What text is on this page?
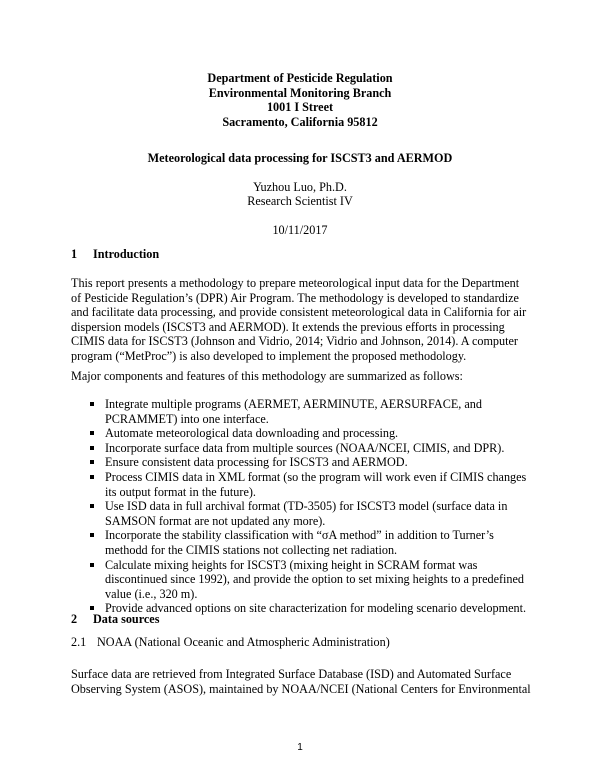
Department of Pesticide Regulation
Environmental Monitoring Branch
1001 I Street
Sacramento, California 95812
Meteorological data processing for ISCST3 and AERMOD
Yuzhou Luo, Ph.D.
Research Scientist IV
10/11/2017
1 Introduction
This report presents a methodology to prepare meteorological input data for the Department of Pesticide Regulation’s (DPR) Air Program. The methodology is developed to standardize and facilitate data processing, and provide consistent meteorological data in California for air dispersion models (ISCST3 and AERMOD). It extends the previous efforts in processing CIMIS data for ISCST3 (Johnson and Vidrio, 2014; Vidrio and Johnson, 2014). A computer program (“MetProc”) is also developed to implement the proposed methodology.
Major components and features of this methodology are summarized as follows:
Integrate multiple programs (AERMET, AERMINUTE, AERSURFACE, and PCRAMMET) into one interface.
Automate meteorological data downloading and processing.
Incorporate surface data from multiple sources (NOAA/NCEI, CIMIS, and DPR).
Ensure consistent data processing for ISCST3 and AERMOD.
Process CIMIS data in XML format (so the program will work even if CIMIS changes its output format in the future).
Use ISD data in full archival format (TD-3505) for ISCST3 model (surface data in SAMSON format are not updated any more).
Incorporate the stability classification with “σA method” in addition to Turner’s methodd for the CIMIS stations not collecting net radiation.
Calculate mixing heights for ISCST3 (mixing height in SCRAM format was discontinued since 1992), and provide the option to set mixing heights to a predefined value (i.e., 320 m).
Provide advanced options on site characterization for modeling scenario development.
2 Data sources
2.1 NOAA (National Oceanic and Atmospheric Administration)
Surface data are retrieved from Integrated Surface Database (ISD) and Automated Surface Observing System (ASOS), maintained by NOAA/NCEI (National Centers for Environmental
1
